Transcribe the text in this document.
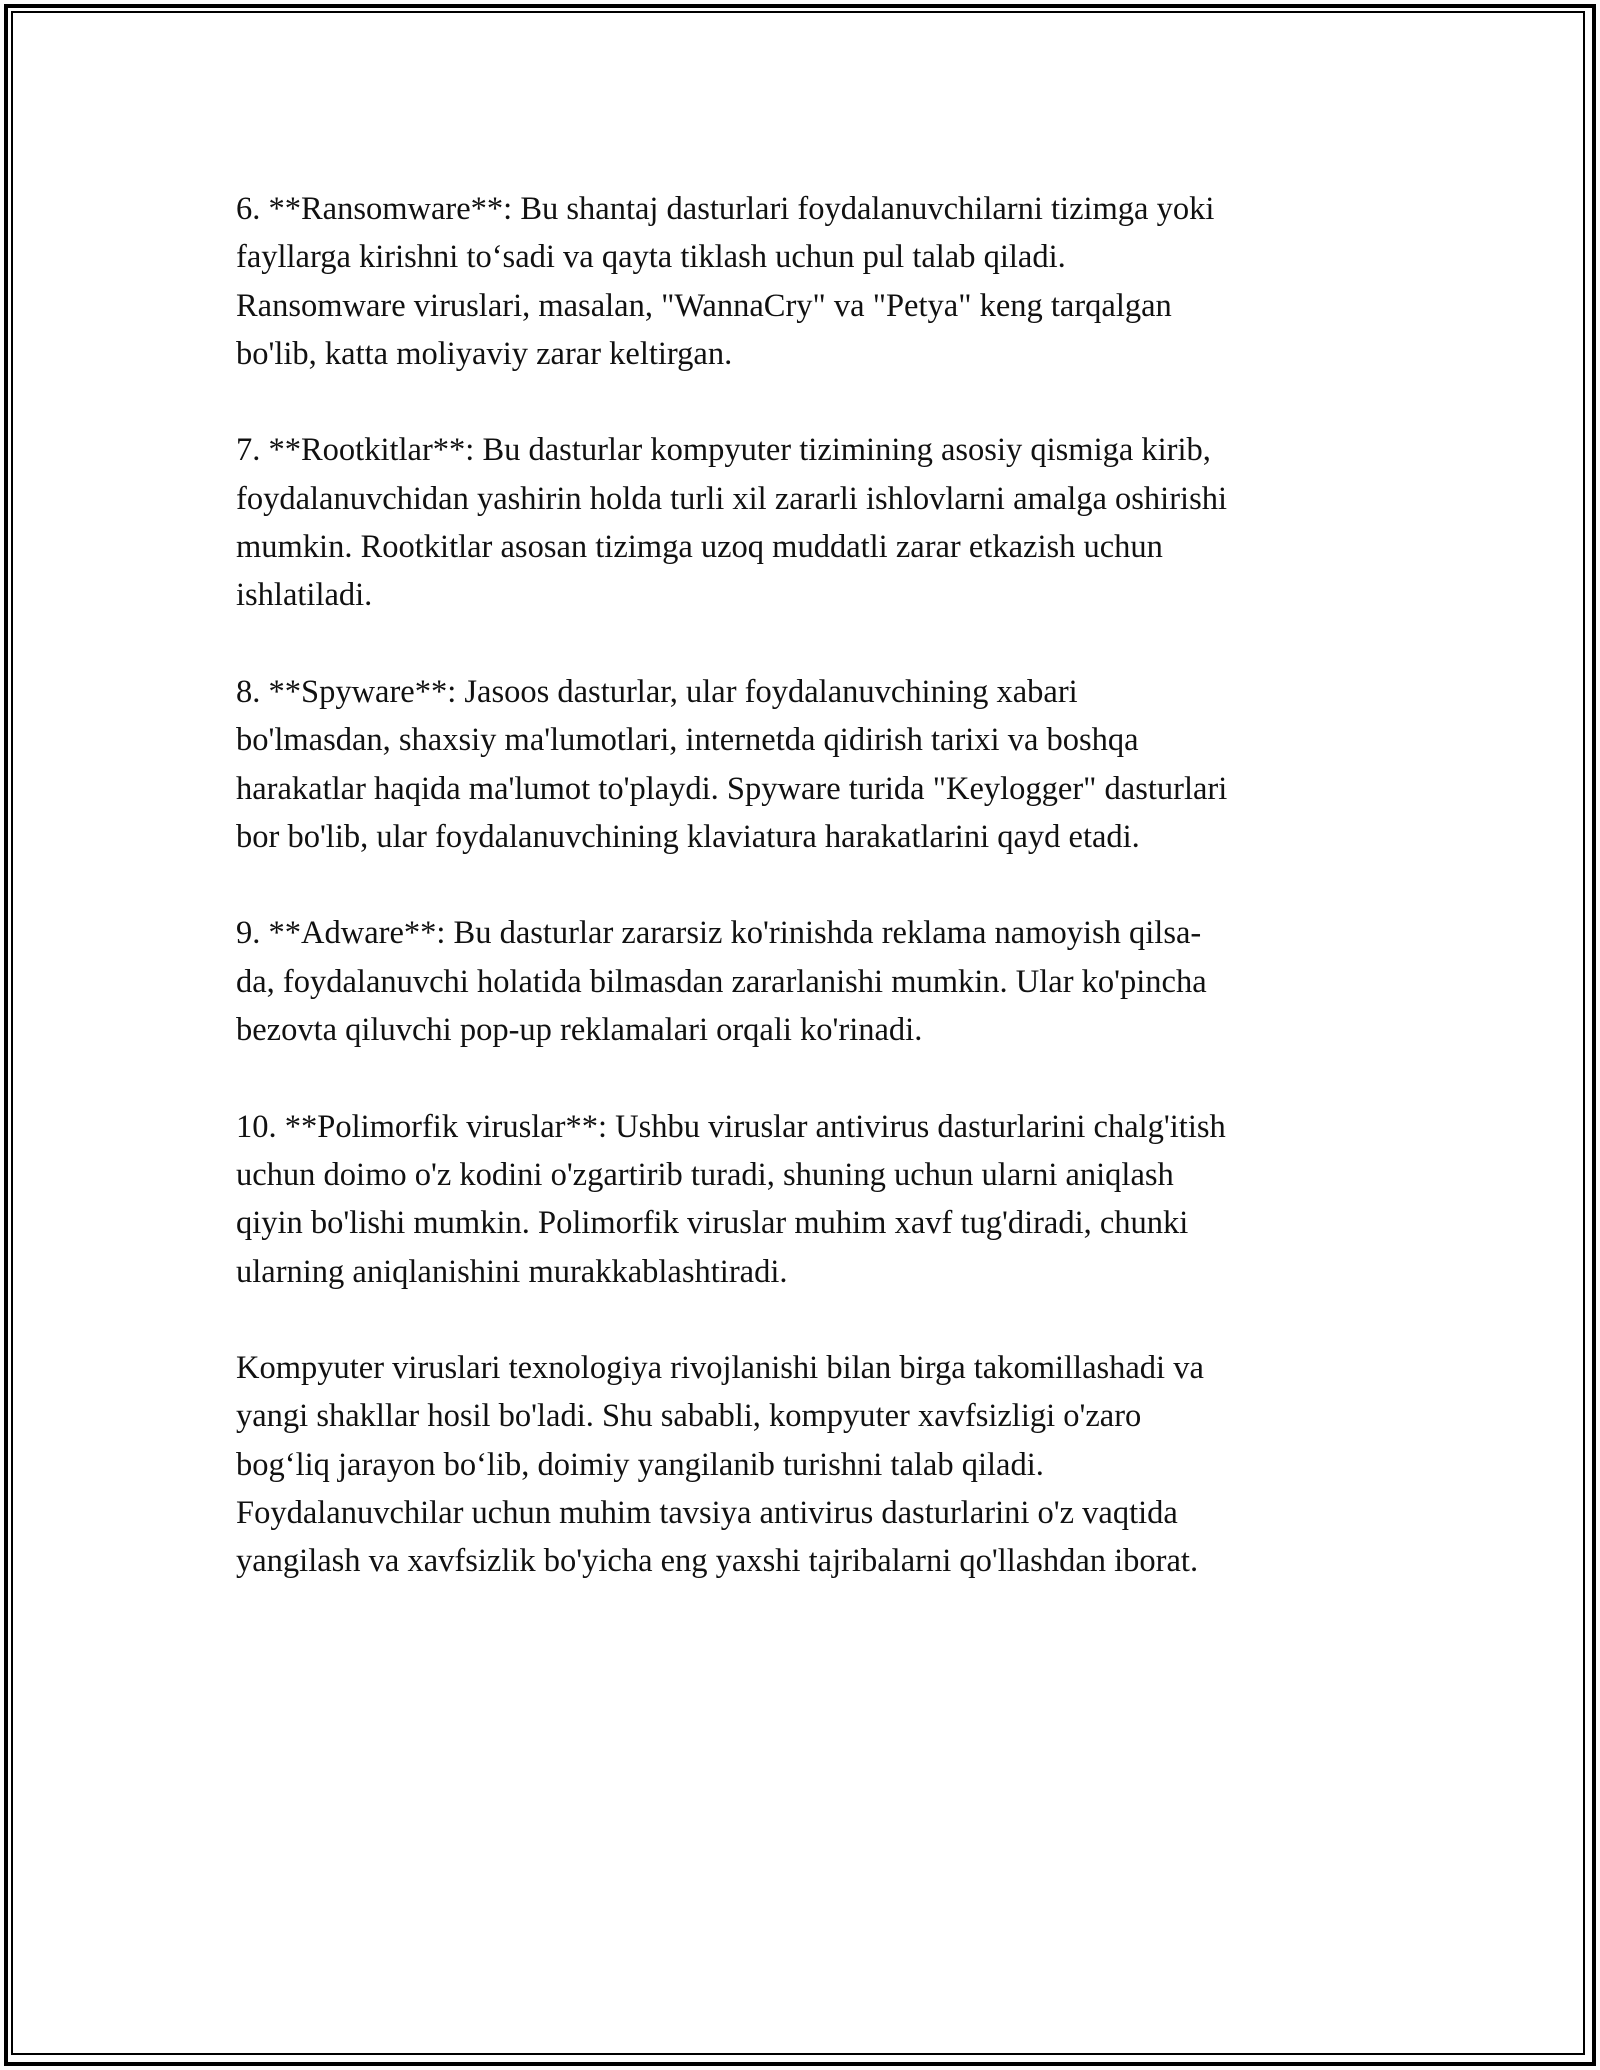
6. **Ransomware**: Bu shantaj dasturlari foydalanuvchilarni tizimga yoki
fayllarga kirishni to‘sadi va qayta tiklash uchun pul talab qiladi.
Ransomware viruslari, masalan, "WannaCry" va "Petya" keng tarqalgan
bo'lib, katta moliyaviy zarar keltirgan.

7. **Rootkitlar**: Bu dasturlar kompyuter tizimining asosiy qismiga kirib,
foydalanuvchidan yashirin holda turli xil zararli ishlovlarni amalga oshirishi
mumkin. Rootkitlar asosan tizimga uzoq muddatli zarar etkazish uchun
ishlatiladi.

8. **Spyware**: Jasoos dasturlar, ular foydalanuvchining xabari
bo'lmasdan, shaxsiy ma'lumotlari, internetda qidirish tarixi va boshqa
harakatlar haqida ma'lumot to'playdi. Spyware turida "Keylogger" dasturlari
bor bo'lib, ular foydalanuvchining klaviatura harakatlarini qayd etadi.

9. **Adware**: Bu dasturlar zararsiz ko'rinishda reklama namoyish qilsa-
da, foydalanuvchi holatida bilmasdan zararlanishi mumkin. Ular ko'pincha
bezovta qiluvchi pop-up reklamalari orqali ko'rinadi.

10. **Polimorfik viruslar**: Ushbu viruslar antivirus dasturlarini chalg'itish
uchun doimo o'z kodini o'zgartirib turadi, shuning uchun ularni aniqlash
qiyin bo'lishi mumkin. Polimorfik viruslar muhim xavf tug'diradi, chunki
ularning aniqlanishini murakkablashtiradi.

Kompyuter viruslari texnologiya rivojlanishi bilan birga takomillashadi va
yangi shakllar hosil bo'ladi. Shu sababli, kompyuter xavfsizligi o'zaro
bog‘liq jarayon bo‘lib, doimiy yangilanib turishni talab qiladi.
Foydalanuvchilar uchun muhim tavsiya antivirus dasturlarini o'z vaqtida
yangilash va xavfsizlik bo'yicha eng yaxshi tajribalarni qo'llashdan iborat.
